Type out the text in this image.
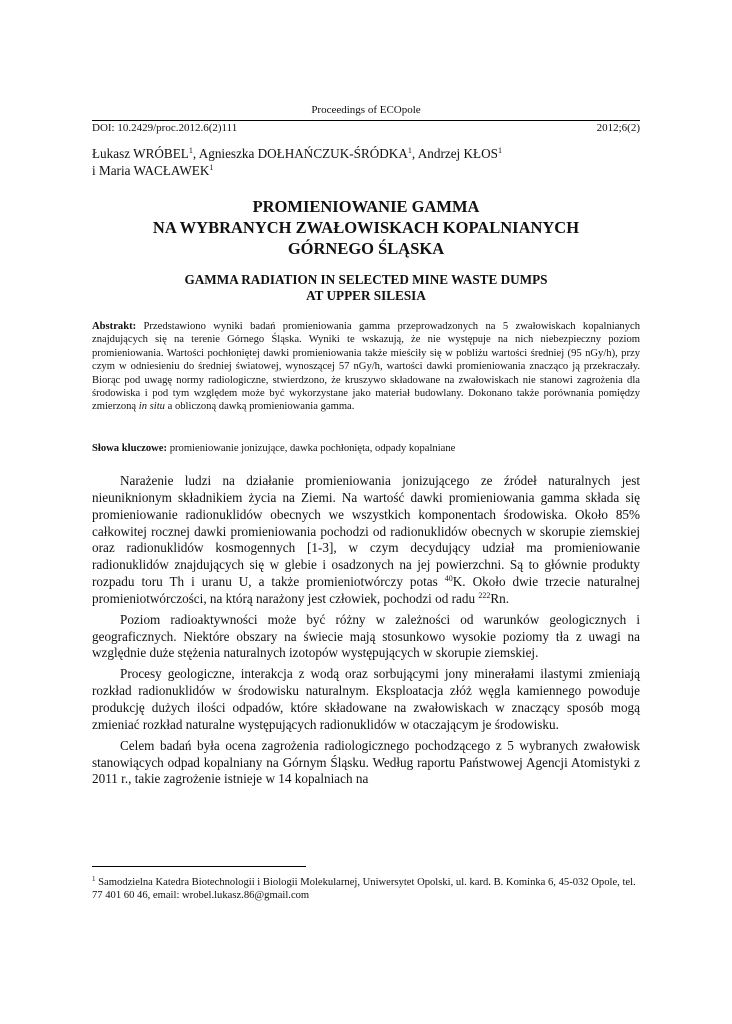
Proceedings of ECOpole
DOI: 10.2429/proc.2012.6(2)111	2012;6(2)
Łukasz WRÓBEL$^1$, Agnieszka DOŁHAŃCZUK-ŚRÓDKA$^1$, Andrzej KŁOS$^1$
i Maria WACŁAWEK$^1$
PROMIENIOWANIE GAMMA
NA WYBRANYCH ZWAŁOWISKACH KOPALNIANYCH
GÓRNEGO ŚLĄSKA
GAMMA RADIATION IN SELECTED MINE WASTE DUMPS
AT UPPER SILESIA
Abstrakt: Przedstawiono wyniki badań promieniowania gamma przeprowadzonych na 5 zwałowiskach kopalnianych znajdujących się na terenie Górnego Śląska. Wyniki te wskazują, że nie występuje na nich niebezpieczny poziom promieniowania. Wartości pochłoniętej dawki promieniowania także mieściły się w pobliżu wartości średniej (95 nGy/h), przy czym w odniesieniu do średniej światowej, wynoszącej 57 nGy/h, wartości dawki promieniowania znacząco ją przekraczały. Biorąc pod uwagę normy radiologiczne, stwierdzono, że kruszywo składowane na zwałowiskach nie stanowi zagrożenia dla środowiska i pod tym względem może być wykorzystane jako materiał budowlany. Dokonano także porównania pomiędzy zmierzoną in situ a obliczoną dawką promieniowania gamma.
Słowa kluczowe: promieniowanie jonizujące, dawka pochłonięta, odpady kopalniane

Narażenie ludzi na działanie promieniowania jonizującego ze źródeł naturalnych jest nieuniknionym składnikiem życia na Ziemi. Na wartość dawki promieniowania gamma składa się promieniowanie radionuklidów obecnych we wszystkich komponentach środowiska. Około 85% całkowitej rocznej dawki promieniowania pochodzi od radionuklidów obecnych w skorupie ziemskiej oraz radionuklidów kosmogennych [1-3], w czym decydujący udział ma promieniowanie radionuklidów znajdujących się w glebie i osadzonych na jej powierzchni. Są to głównie produkty rozpadu toru Th i uranu U, a także promieniotwórczy potas $^{40}$K. Około dwie trzecie naturalnej promieniotwórczości, na którą narażony jest człowiek, pochodzi od radu $^{222}$Rn.

Poziom radioaktywności może być różny w zależności od warunków geologicznych i geograficznych. Niektóre obszary na świecie mają stosunkowo wysokie poziomy tła z uwagi na względnie duże stężenia naturalnych izotopów występujących w skorupie ziemskiej.

Procesy geologiczne, interakcja z wodą oraz sorbującymi jony minerałami ilastymi zmieniają rozkład radionuklidów w środowisku naturalnym. Eksploatacja złóż węgla kamiennego powoduje produkcję dużych ilości odpadów, które składowane na zwałowiskach w znaczący sposób mogą zmieniać rozkład naturalne występujących radionuklidów w otaczającym je środowisku.

Celem badań była ocena zagrożenia radiologicznego pochodzącego z 5 wybranych zwałowisk stanowiących odpad kopalniany na Górnym Śląsku. Według raportu Państwowej Agencji Atomistyki z 2011 r., takie zagrożenie istnieje w 14 kopalniach na

$^1$ Samodzielna Katedra Biotechnologii i Biologii Molekularnej, Uniwersytet Opolski, ul. kard. B. Kominka 6, 45-032 Opole, tel. 77 401 60 46, email: wrobel.lukasz.86@gmail.com
